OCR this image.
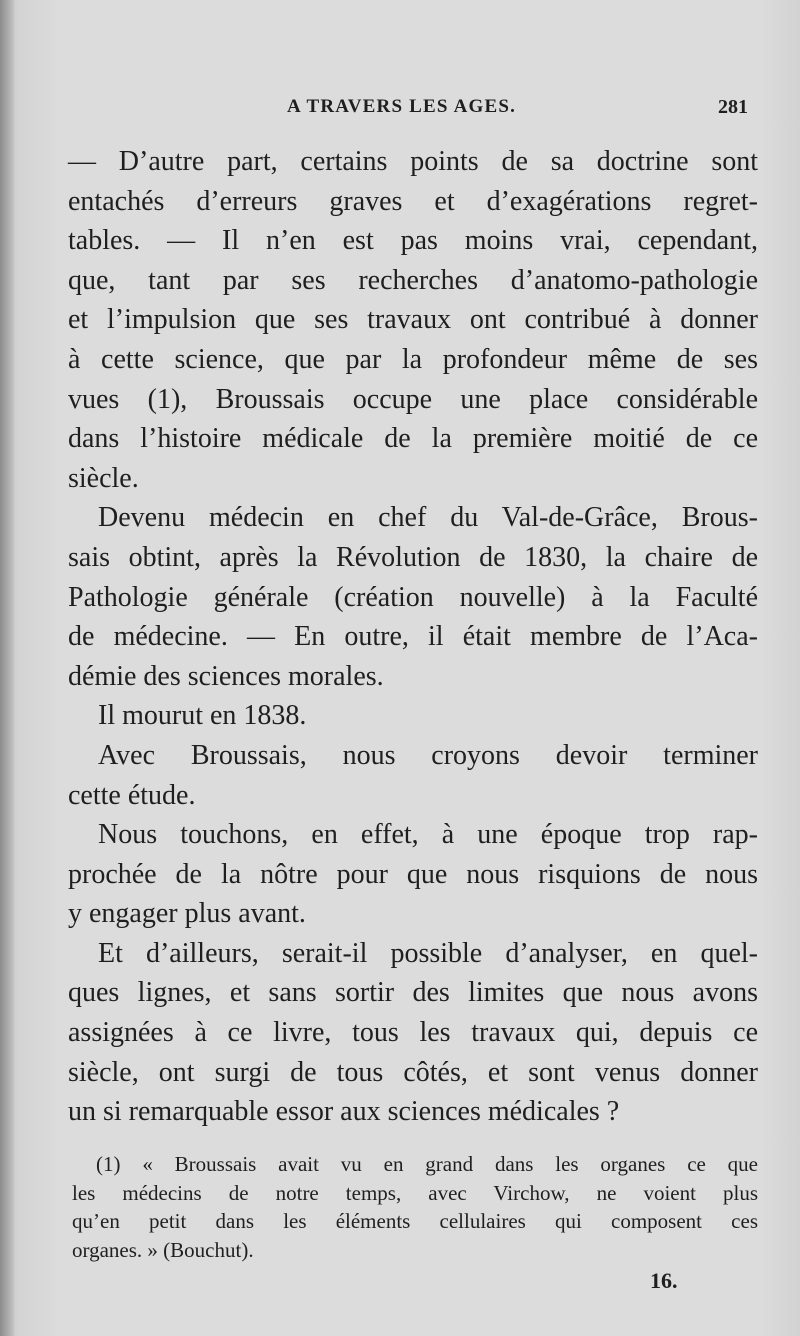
A TRAVERS LES AGES.	281
— D’autre part, certains points de sa doctrine sont
entachés d’erreurs graves et d’exagérations regret-
tables. — Il n’en est pas moins vrai, cependant,
que, tant par ses recherches d’anatomo-pathologie
et l’impulsion que ses travaux ont contribué à donner
à cette science, que par la profondeur même de ses
vues (1), Broussais occupe une place considérable
dans l’histoire médicale de la première moitié de ce
siècle.
Devenu médecin en chef du Val-de-Grâce, Brous-
sais obtint, après la Révolution de 1830, la chaire de
Pathologie générale (création nouvelle) à la Faculté
de médecine. — En outre, il était membre de l’Aca-
démie des sciences morales.
Il mourut en 1838.
Avec Broussais, nous croyons devoir terminer
cette étude.
Nous touchons, en effet, à une époque trop rap-
prochée de la nôtre pour que nous risquions de nous
y engager plus avant.
Et d’ailleurs, serait-il possible d’analyser, en quel-
ques lignes, et sans sortir des limites que nous avons
assignées à ce livre, tous les travaux qui, depuis ce
siècle, ont surgi de tous côtés, et sont venus donner
un si remarquable essor aux sciences médicales ?
(1) « Broussais avait vu en grand dans les organes ce que
les médecins de notre temps, avec Virchow, ne voient plus
qu’en petit dans les éléments cellulaires qui composent ces
organes. » (Bouchut).
16.
